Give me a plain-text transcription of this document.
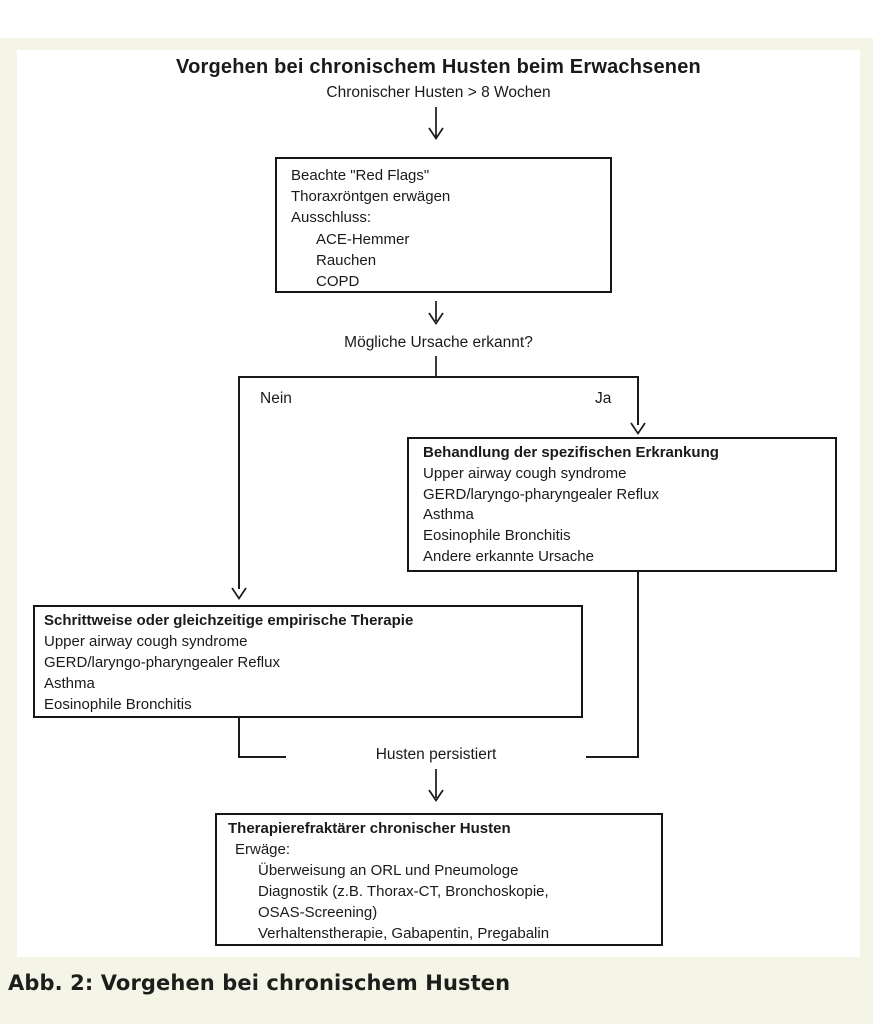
Vorgehen bei chronischem Husten beim Erwachsenen
Chronischer Husten > 8 Wochen
Beachte "Red Flags"
Thoraxröntgen erwägen
Ausschluss:
ACE-Hemmer
Rauchen
COPD
Mögliche Ursache erkannt?
Nein	Ja
Behandlung der spezifischen Erkrankung
Upper airway cough syndrome
GERD/laryngo-pharyngealer Reflux
Asthma
Eosinophile Bronchitis
Andere erkannte Ursache
Schrittweise oder gleichzeitige empirische Therapie
Upper airway cough syndrome
GERD/laryngo-pharyngealer Reflux
Asthma
Eosinophile Bronchitis
Husten persistiert
Therapierefraktärer chronischer Husten
Erwäge:
Überweisung an ORL und Pneumologe
Diagnostik (z.B. Thorax-CT, Bronchoskopie,
OSAS-Screening)
Verhaltenstherapie, Gabapentin, Pregabalin
Abb. 2: Vorgehen bei chronischem Husten
